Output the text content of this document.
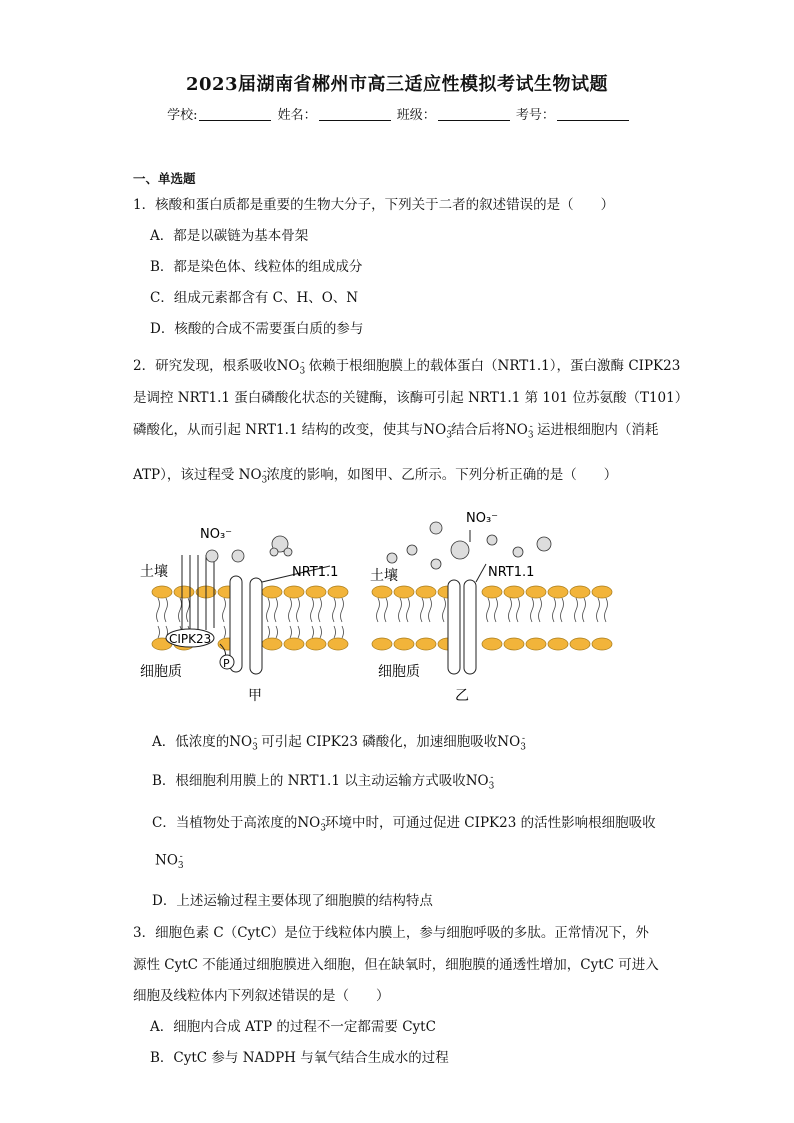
2023届湖南省郴州市高三适应性模拟考试生物试题
学校:	姓名：	班级：	考号：
一、单选题
1．核酸和蛋白质都是重要的生物大分子，下列关于二者的叙述错误的是（　　）
A．都是以碳链为基本骨架
B．都是染色体、线粒体的组成成分
C．组成元素都含有 C、H、O、N
D．核酸的合成不需要蛋白质的参与
2．研究发现，根系吸收$NO_3^-$ 依赖于根细胞膜上的载体蛋白（NRT1.1），蛋白激酶 CIPK23
是调控 NRT1.1 蛋白磷酸化状态的关键酶，该酶可引起 NRT1.1 第 101 位苏氨酸（T101）
磷酸化，从而引起 NRT1.1 结构的改变，使其与$NO_3^-$结合后将$NO_3^-$ 运进根细胞内（消耗
ATP），该过程受 $NO_3^-$浓度的影响，如图甲、乙所示。下列分析正确的是（　　）
NO₃⁻
土壤	NRT1.1
CIPK23
P
细胞质
甲
NO₃⁻
土壤	NRT1.1
细胞质
乙
A．低浓度的$NO_3^-$ 可引起 CIPK23 磷酸化，加速细胞吸收$NO_3^-$
B．根细胞利用膜上的 NRT1.1 以主动运输方式吸收$NO_3^-$
C．当植物处于高浓度的$NO_3^-$环境中时，可通过促进 CIPK23 的活性影响根细胞吸收
$NO_3^-$
D．上述运输过程主要体现了细胞膜的结构特点
3．细胞色素 C（CytC）是位于线粒体内膜上，参与细胞呼吸的多肽。正常情况下，外
源性 CytC 不能通过细胞膜进入细胞，但在缺氧时，细胞膜的通透性增加，CytC 可进入
细胞及线粒体内下列叙述错误的是（　　）
A．细胞内合成 ATP 的过程不一定都需要 CytC
B．CytC 参与 NADPH 与氧气结合生成水的过程
